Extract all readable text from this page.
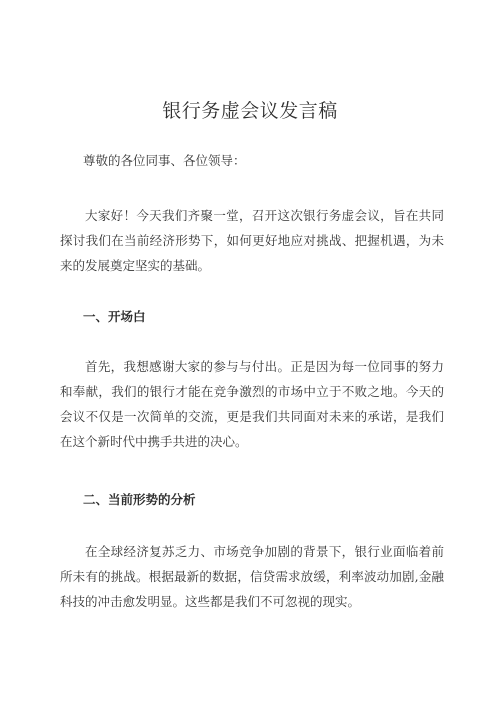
银行务虚会议发言稿
尊敬的各位同事、各位领导：

大家好！今天我们齐聚一堂，召开这次银行务虚会议，旨在共同探讨我们在当前经济形势下，如何更好地应对挑战、把握机遇，为未来的发展奠定坚实的基础。

一、开场白

首先，我想感谢大家的参与与付出。正是因为每一位同事的努力和奉献，我们的银行才能在竞争激烈的市场中立于不败之地。今天的会议不仅是一次简单的交流，更是我们共同面对未来的承诺，是我们在这个新时代中携手共进的决心。

二、当前形势的分析

在全球经济复苏乏力、市场竞争加剧的背景下，银行业面临着前所未有的挑战。根据最新的数据，信贷需求放缓，利率波动加剧,金融科技的冲击愈发明显。这些都是我们不可忽视的现实。
